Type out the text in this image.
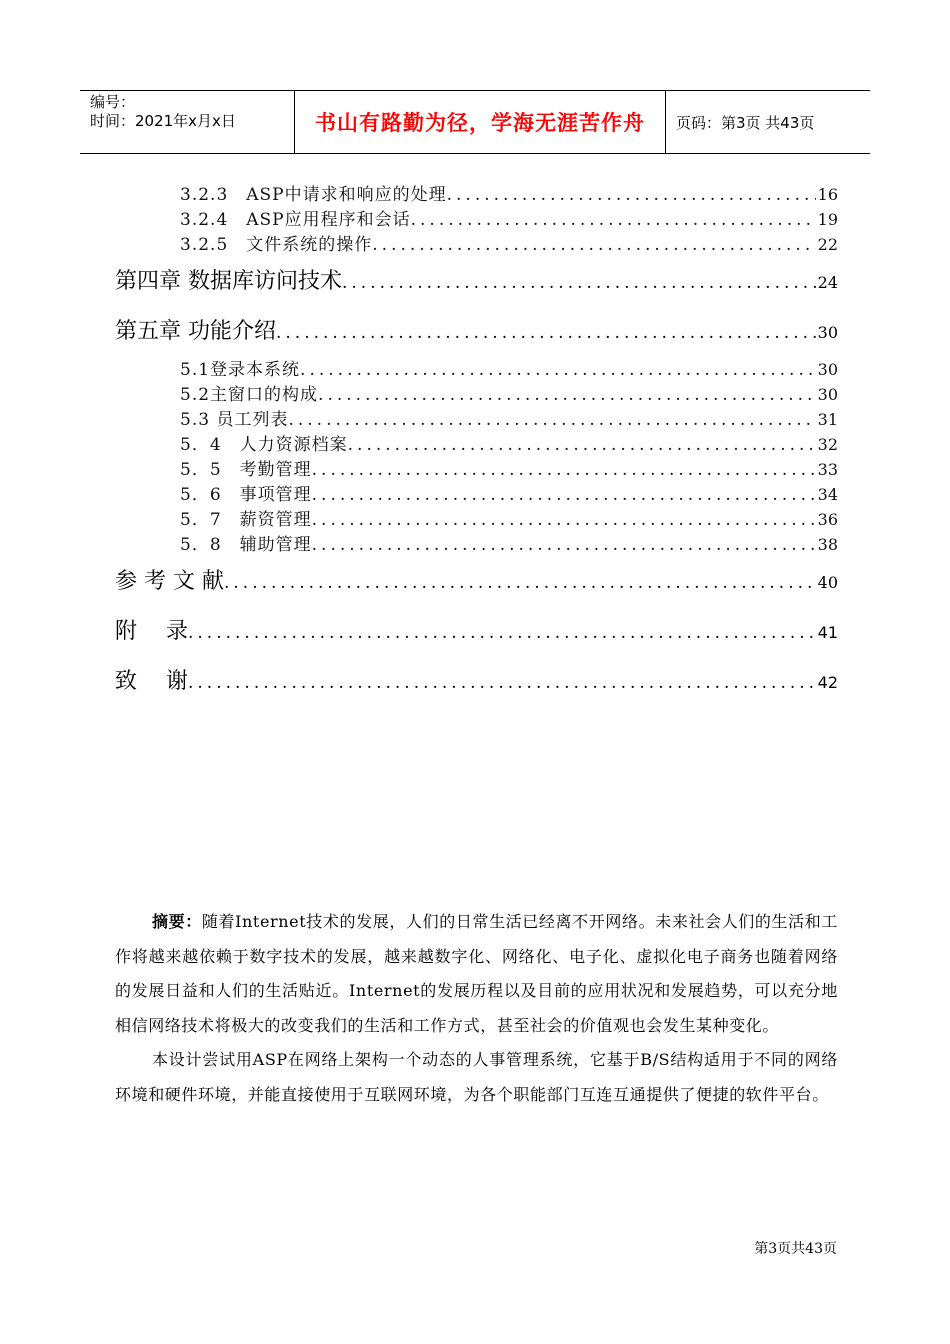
编号：
时间：2021年x月x日	书山有路勤为径，学海无涯苦作舟	页码：第3页 共43页
3.2.3　ASP中请求和响应的处理 .....	16
3.2.4　ASP应用程序和会话 .....	19
3.2.5　文件系统的操作 .....	22
第四章 数据库访问技术 .....	24
第五章 功能介绍 .....	30
5.1登录本系统 .....	30
5.2主窗口的构成 .....	30
5.3 员工列表 .....	31
5．4　人力资源档案 .....	32
5．5　考勤管理 .....	33
5．6　事项管理 .....	34
5．7　薪资管理 .....	36
5．8　辅助管理 .....	38
参 考 文 献 .....	40
附　 录 .....	41
致　 谢 .....	42

摘要：随着Internet技术的发展，人们的日常生活已经离不开网络。未来社会人们的生活和工作将越来越依赖于数字技术的发展，越来越数字化、网络化、电子化、虚拟化电子商务也随着网络的发展日益和人们的生活贴近。Internet的发展历程以及目前的应用状况和发展趋势，可以充分地相信网络技术将极大的改变我们的生活和工作方式，甚至社会的价值观也会发生某种变化。

本设计尝试用ASP在网络上架构一个动态的人事管理系统，它基于B/S结构适用于不同的网络环境和硬件环境，并能直接使用于互联网环境，为各个职能部门互连互通提供了便捷的软件平台。

第3页共43页
